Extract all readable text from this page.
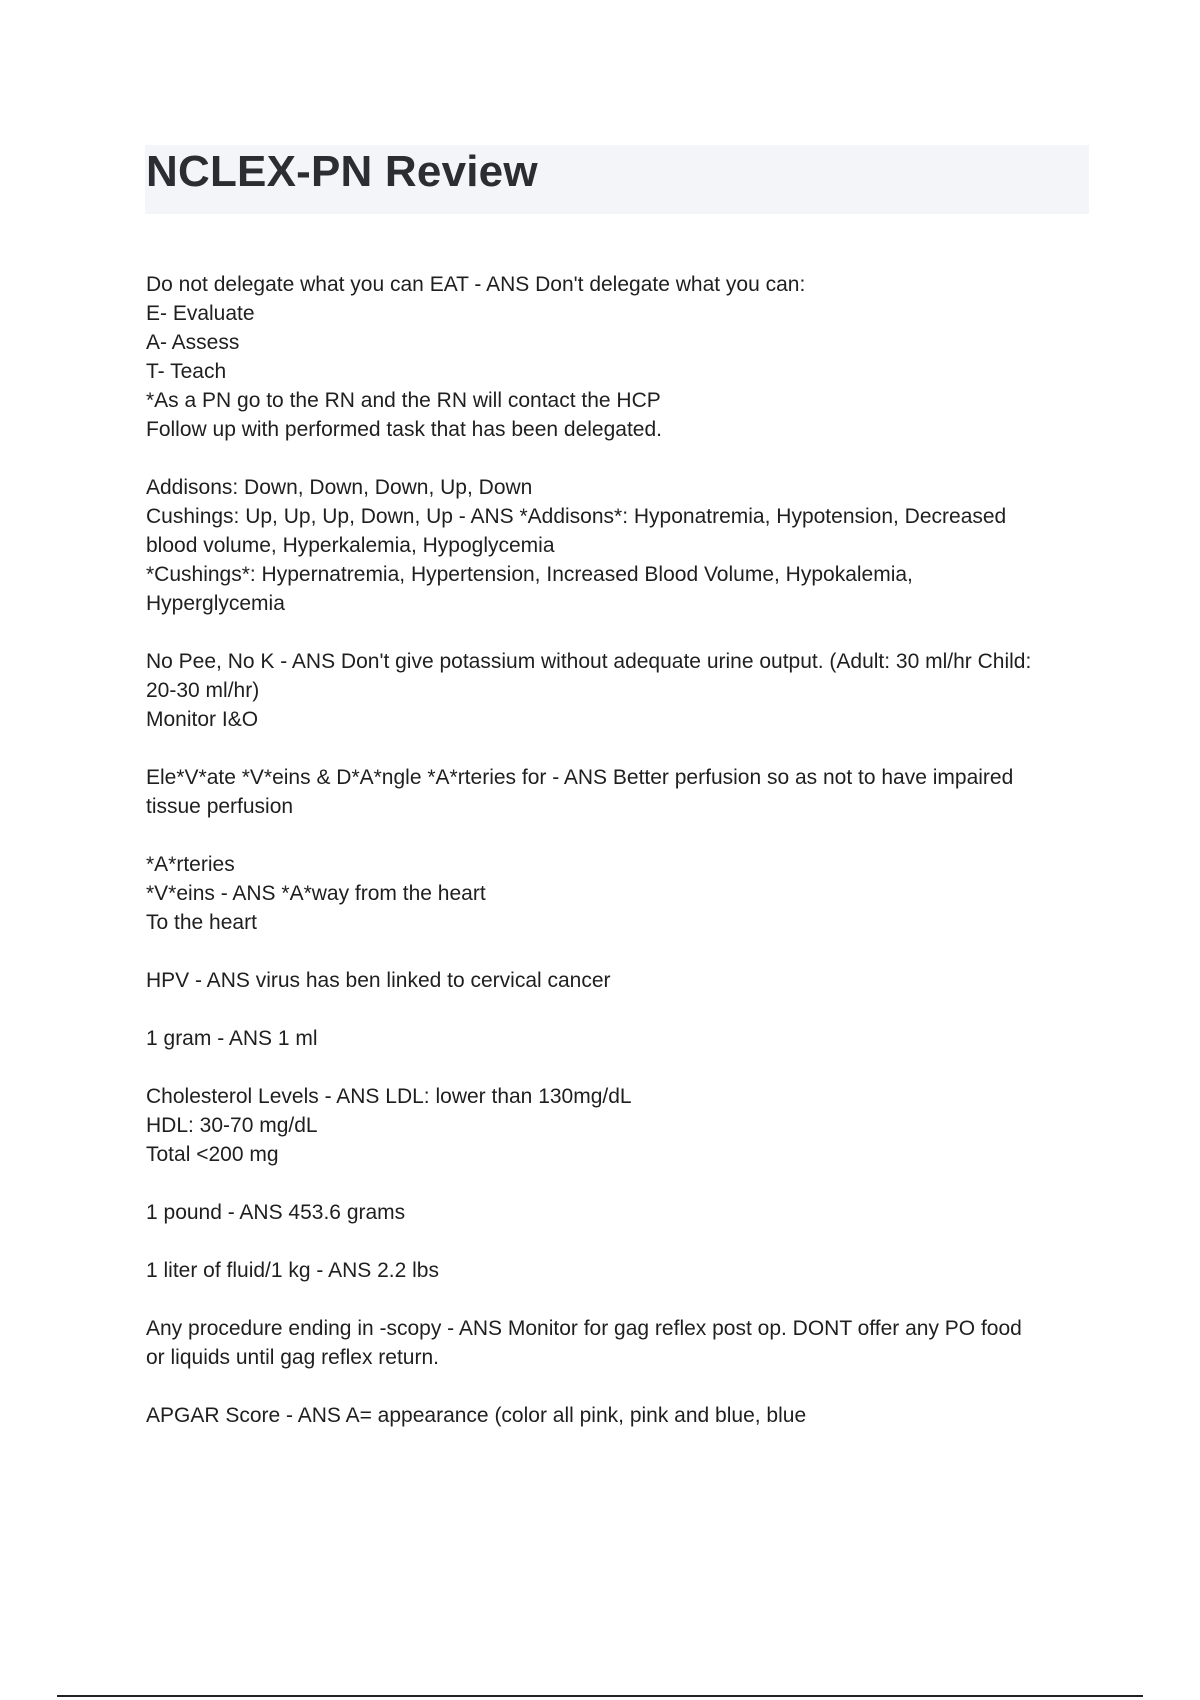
NCLEX-PN Review
Do not delegate what you can EAT - ANS Don't delegate what you can:
E- Evaluate
A- Assess
T- Teach
*As a PN go to the RN and the RN will contact the HCP
Follow up with performed task that has been delegated.
Addisons: Down, Down, Down, Up, Down
Cushings: Up, Up, Up, Down, Up - ANS *Addisons*: Hyponatremia, Hypotension, Decreased
blood volume, Hyperkalemia, Hypoglycemia
*Cushings*: Hypernatremia, Hypertension, Increased Blood Volume, Hypokalemia,
Hyperglycemia
No Pee, No K - ANS Don't give potassium without adequate urine output. (Adult: 30 ml/hr Child:
20-30 ml/hr)
Monitor I&O
Ele*V*ate *V*eins & D*A*ngle *A*rteries for - ANS Better perfusion so as not to have impaired
tissue perfusion
*A*rteries
*V*eins - ANS *A*way from the heart
To the heart
HPV - ANS virus has ben linked to cervical cancer
1 gram - ANS 1 ml
Cholesterol Levels - ANS LDL: lower than 130mg/dL
HDL: 30-70 mg/dL
Total <200 mg
1 pound - ANS 453.6 grams
1 liter of fluid/1 kg - ANS 2.2 lbs
Any procedure ending in -scopy - ANS Monitor for gag reflex post op. DONT offer any PO food
or liquids until gag reflex return.
APGAR Score - ANS A= appearance (color all pink, pink and blue, blue
